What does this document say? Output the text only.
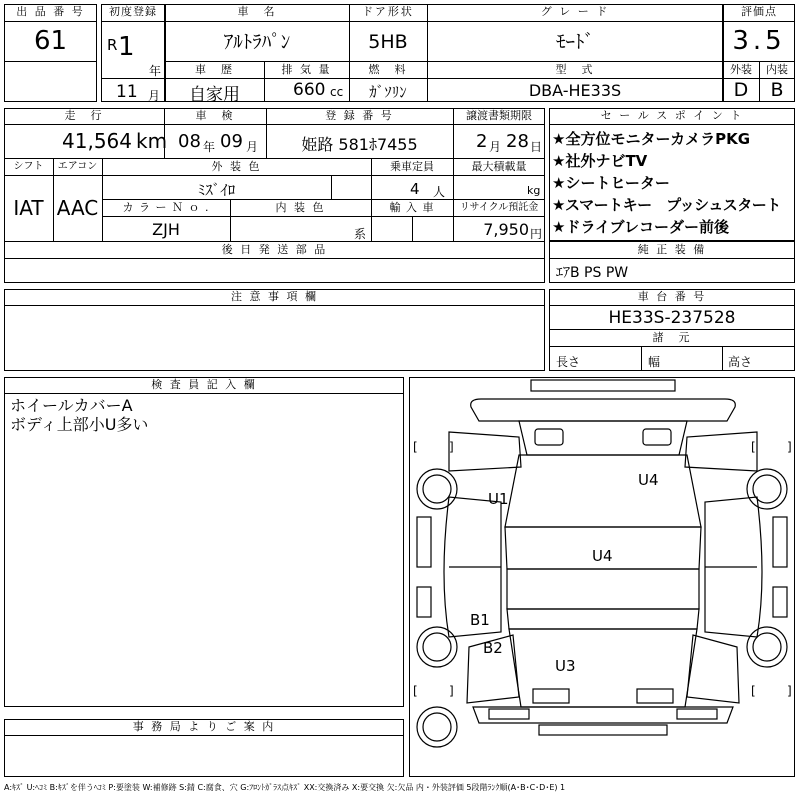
出 品 番 号
61
初度登録
R 1
年
11 月
車　名
ｱﾙﾄﾗﾊﾟﾝ
ドア形状
5HB
グ レ ー ド
ﾓｰﾄﾞ
車　歴
自家用
排 気 量
660 cc
燃　料
ｶﾞｿﾘﾝ
型　式
DBA-HE33S
評価点
3.5
外装	内装
D	B
走　行
41,564 km
車　検
08 年 09 月
登 録 番 号
姫路 581ﾎ7455
譲渡書類期限
2 月 28 日
シフト
IAT
エアコン
AAC
外 装 色
ﾐｽﾞｲﾛ
乗車定員
4 人
最大積載量
kg
カ ラ ー Ｎ ｏ .
ZJH
内 装 色
系
輸 入 車	リサイクル預託金
7,950 円
後 日 発 送 部 品
セ ー ル ス ポ イ ン ト
★全方位モニターカメラPKG
★社外ナビTV
★シートヒーター
★スマートキー　プッシュスタート
★ドライブレコーダー前後
純 正 装 備
ｴｱB PS PW
注 意 事 項 欄	車 台 番 号
HE33S-237528
諸　元
長さ	幅	高さ
検 査 員 記 入 欄
ホイールカバーA
ボディ上部小U多い
事 務 局 よ り ご 案 内
[	]	[	]
[	]	[	]
U4
U1
U4
B1
B2
U3
A:ｷｽﾞ U:ﾍｺﾐ B:ｷｽﾞを伴うﾍｺﾐ P:要塗装 W:補修跡 S:錆 C:腐食、穴 G:ﾌﾛﾝﾄｶﾞﾗｽ点ｷｽﾞ XX:交換済み X:要交換 欠:欠品 内・外装評価 5段階ﾗﾝｸ順(A･B･C･D･E) 1
